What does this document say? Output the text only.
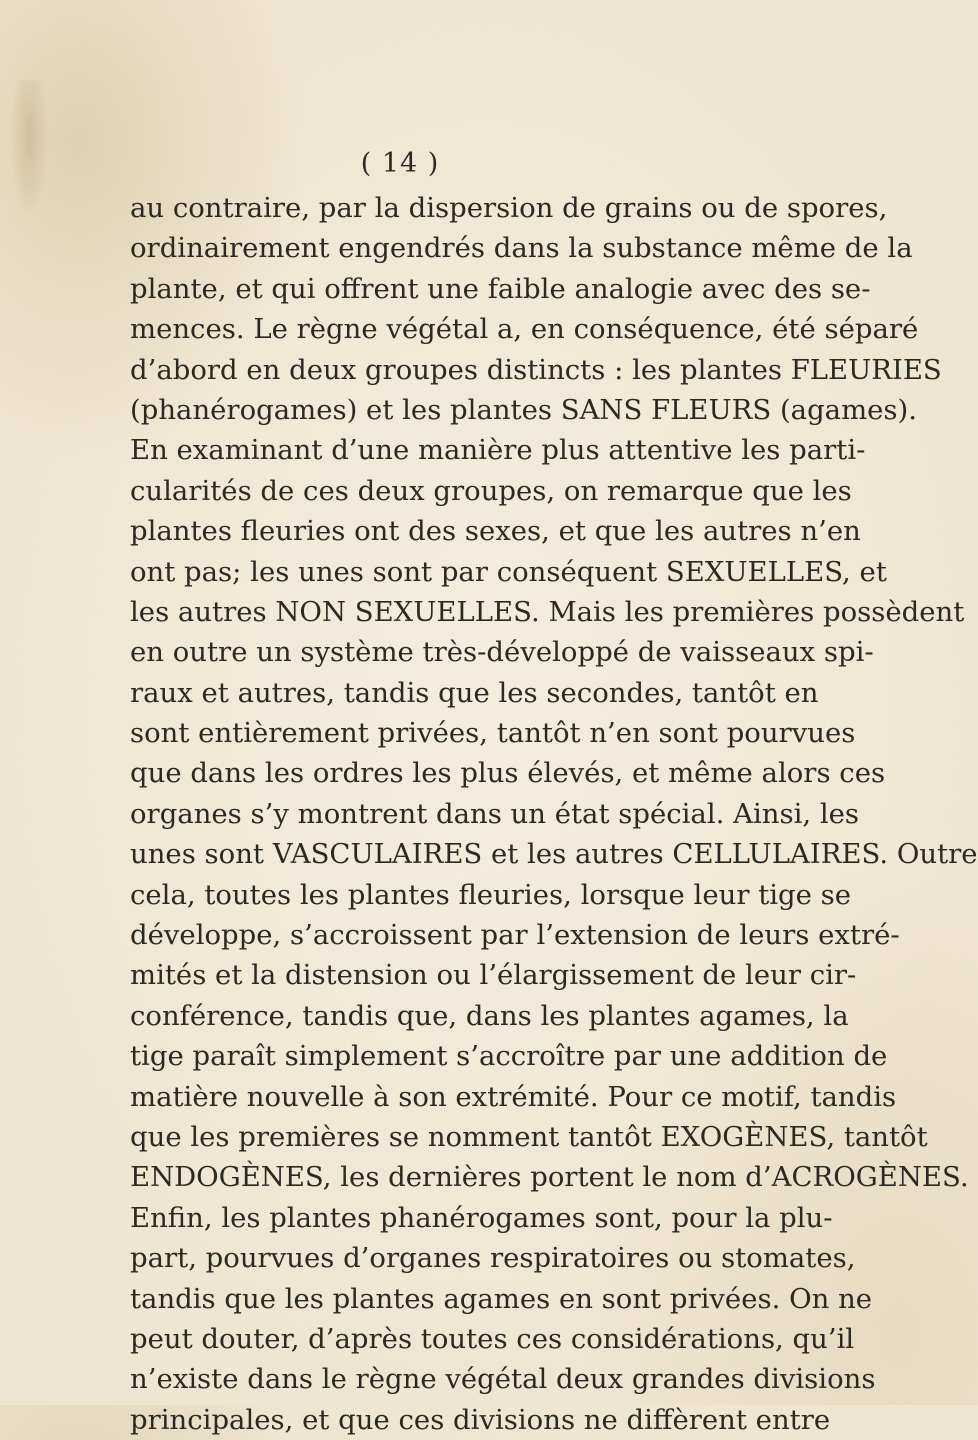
( 14 )
au contraire, par la dispersion de grains ou de spores,
ordinairement engendrés dans la substance même de la
plante, et qui offrent une faible analogie avec des se-
mences. Le règne végétal a, en conséquence, été séparé
d’abord en deux groupes distincts : les plantes FLEURIES
(phanérogames) et les plantes SANS FLEURS (agames).
En examinant d’une manière plus attentive les parti-
cularités de ces deux groupes, on remarque que les
plantes fleuries ont des sexes, et que les autres n’en
ont pas; les unes sont par conséquent SEXUELLES, et
les autres NON SEXUELLES. Mais les premières possèdent
en outre un système très-développé de vaisseaux spi-
raux et autres, tandis que les secondes, tantôt en
sont entièrement privées, tantôt n’en sont pourvues
que dans les ordres les plus élevés, et même alors ces
organes s’y montrent dans un état spécial. Ainsi, les
unes sont VASCULAIRES et les autres CELLULAIRES. Outre
cela, toutes les plantes fleuries, lorsque leur tige se
développe, s’accroissent par l’extension de leurs extré-
mités et la distension ou l’élargissement de leur cir-
conférence, tandis que, dans les plantes agames, la
tige paraît simplement s’accroître par une addition de
matière nouvelle à son extrémité. Pour ce motif, tandis
que les premières se nomment tantôt EXOGÈNES, tantôt
ENDOGÈNES, les dernières portent le nom d’ACROGÈNES.
Enfin, les plantes phanérogames sont, pour la plu-
part, pourvues d’organes respiratoires ou stomates,
tandis que les plantes agames en sont privées. On ne
peut douter, d’après toutes ces considérations, qu’il
n’existe dans le règne végétal deux grandes divisions
principales, et que ces divisions ne diffèrent entre
